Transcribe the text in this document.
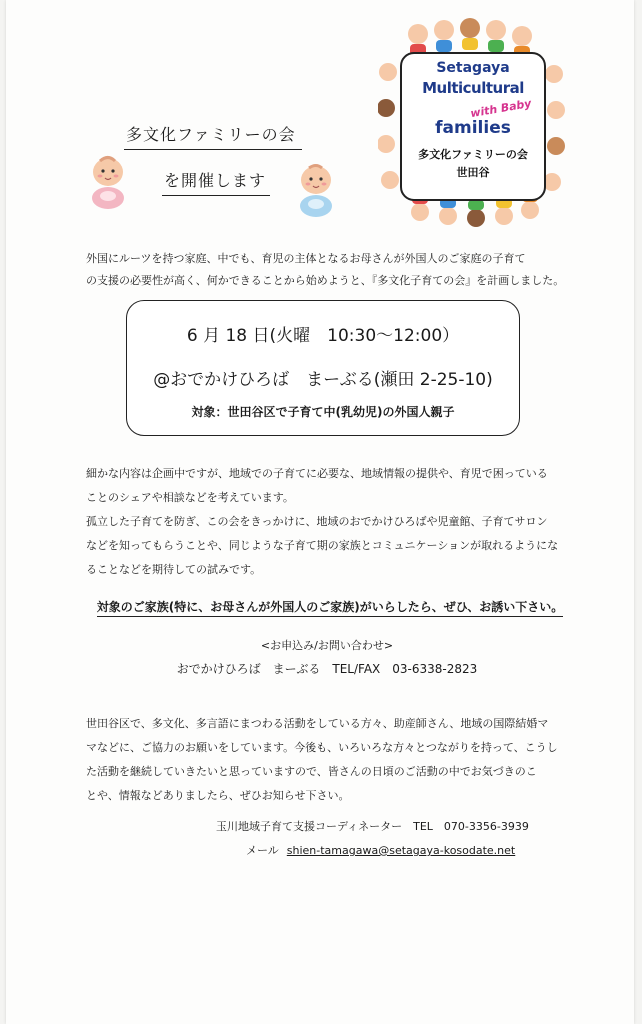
多文化ファミリーの会
を開催します
Setagaya
Multicultural
with Baby
families
多文化ファミリーの会
世田谷
外国にルーツを持つ家庭、中でも、育児の主体となるお母さんが外国人のご家庭の子育て
の支援の必要性が高く、何かできることから始めようと、『多文化子育ての会』を計画しました。
6 月 18 日(火曜　10:30～12:00）
@おでかけひろば　まーぶる(瀬田 2-25-10)
対象：世田谷区で子育て中(乳幼児)の外国人親子
細かな内容は企画中ですが、地域での子育てに必要な、地域情報の提供や、育児で困っている
ことのシェアや相談などを考えています。
孤立した子育てを防ぎ、この会をきっかけに、地域のおでかけひろばや児童館、子育てサロン
などを知ってもらうことや、同じような子育て期の家族とコミュニケーションが取れるようにな
ることなどを期待しての試みです。
対象のご家族(特に、お母さんが外国人のご家族)がいらしたら、ぜひ、お誘い下さい。
<お申込み/お問い合わせ>
おでかけひろば　まーぶる　TEL/FAX　03-6338-2823
世田谷区で、多文化、多言語にまつわる活動をしている方々、助産師さん、地域の国際結婚マ
マなどに、ご協力のお願いをしています。今後も、いろいろな方々とつながりを持って、こうし
た活動を継続していきたいと思っていますので、皆さんの日頃のご活動の中でお気づきのこ
とや、情報などありましたら、ぜひお知らせ下さい。
玉川地域子育て支援コーディネーター　TEL　070-3356-3939
メール shien-tamagawa@setagaya-kosodate.net
